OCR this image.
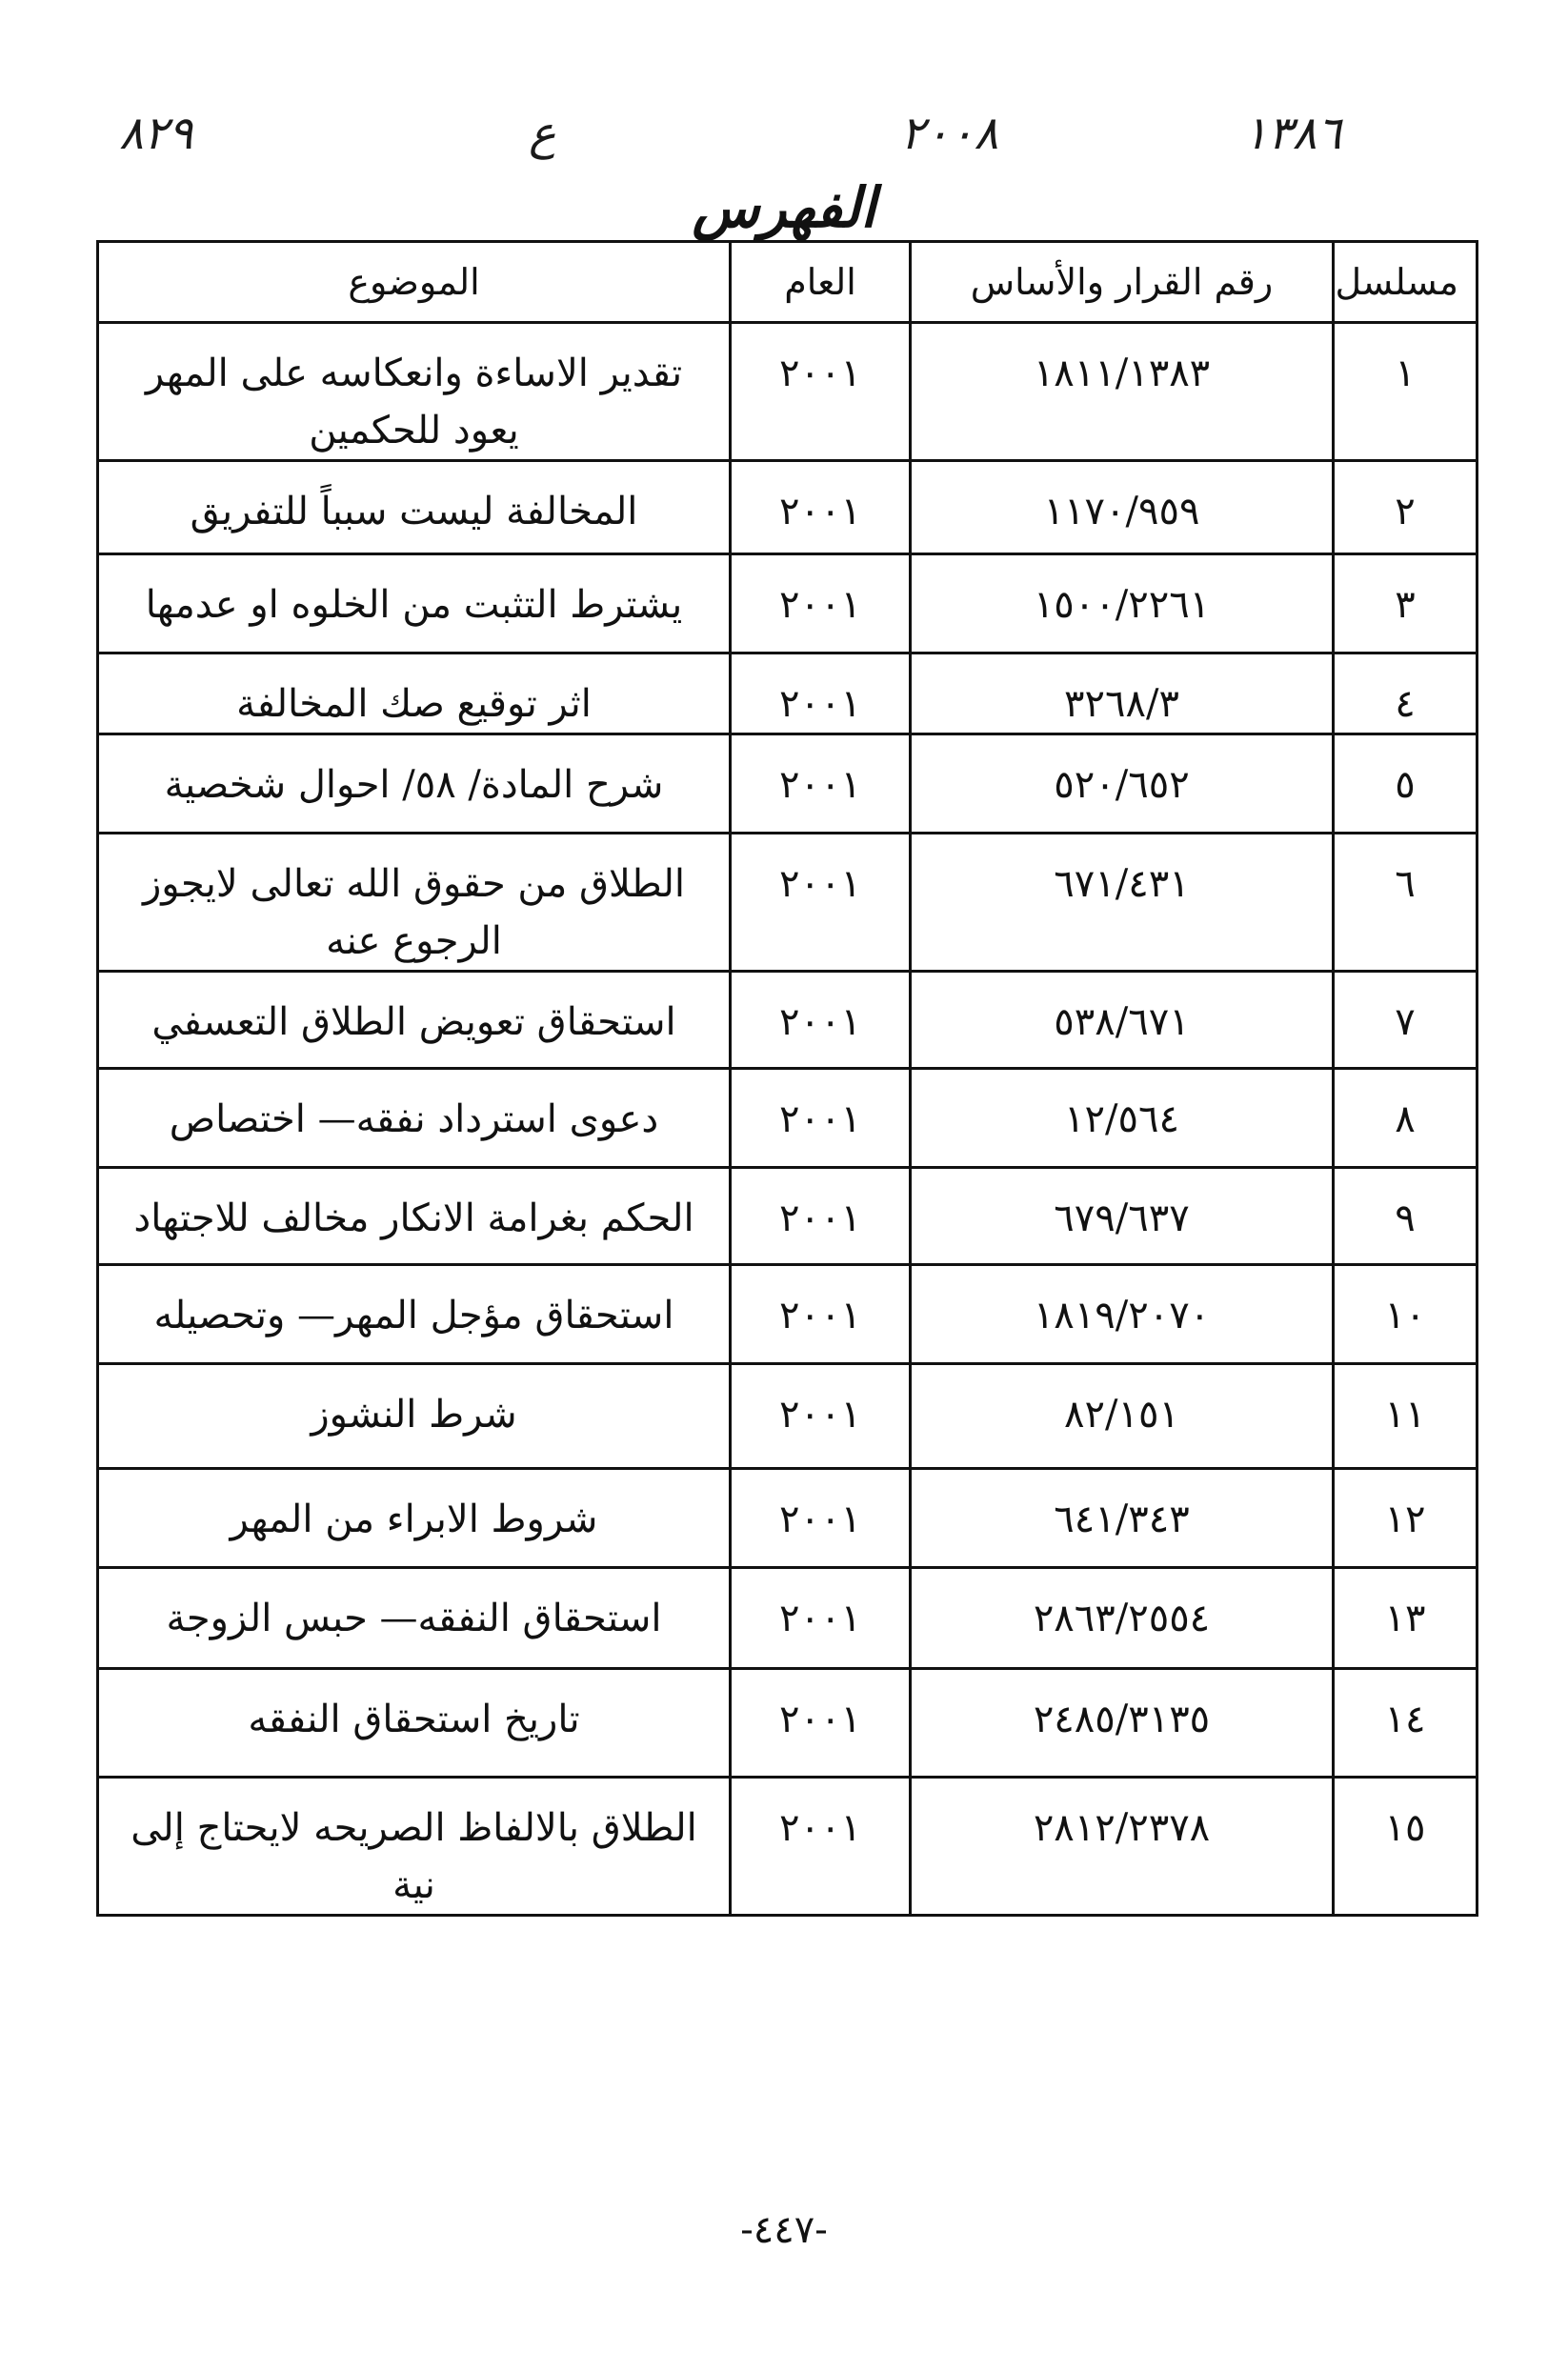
١٣٨٦
٢٠٠٨
ع
٨٢٩
الفهرس
مسلسل	رقم القرار والأساس	العام	الموضوع
١	١٨١١/١٣٨٣	٢٠٠١	تقدير الاساءة وانعكاسه على المهر يعود للحكمين
٢	١١٧٠/٩٥٩	٢٠٠١	المخالفة ليست سبباً للتفريق
٣	١٥٠٠/٢٢٦١	٢٠٠١	يشترط التثبت من الخلوه او عدمها
٤	٣٢٦٨/٣	٢٠٠١	اثر توقيع صك المخالفة
٥	٥٢٠/٦٥٢	٢٠٠١	شرح المادة/ ٥٨/ احوال شخصية
٦	٦٧١/٤٣١	٢٠٠١	الطلاق من حقوق الله تعالى لايجوز الرجوع عنه
٧	٥٣٨/٦٧١	٢٠٠١	استحقاق تعويض الطلاق التعسفي
٨	١٢/٥٦٤	٢٠٠١	دعوى استرداد نفقه— اختصاص
٩	٦٧٩/٦٣٧	٢٠٠١	الحكم بغرامة الانكار مخالف للاجتهاد
١٠	١٨١٩/٢٠٧٠	٢٠٠١	استحقاق مؤجل المهر— وتحصيله
١١	٨٢/١٥١	٢٠٠١	شرط النشوز
١٢	٦٤١/٣٤٣	٢٠٠١	شروط الابراء من المهر
١٣	٢٨٦٣/٢٥٥٤	٢٠٠١	استحقاق النفقه— حبس الزوجة
١٤	٢٤٨٥/٣١٣٥	٢٠٠١	تاريخ استحقاق النفقه
١٥	٢٨١٢/٢٣٧٨	٢٠٠١	الطلاق بالالفاظ الصريحه لايحتاج إلى نية
-٤٤٧-
